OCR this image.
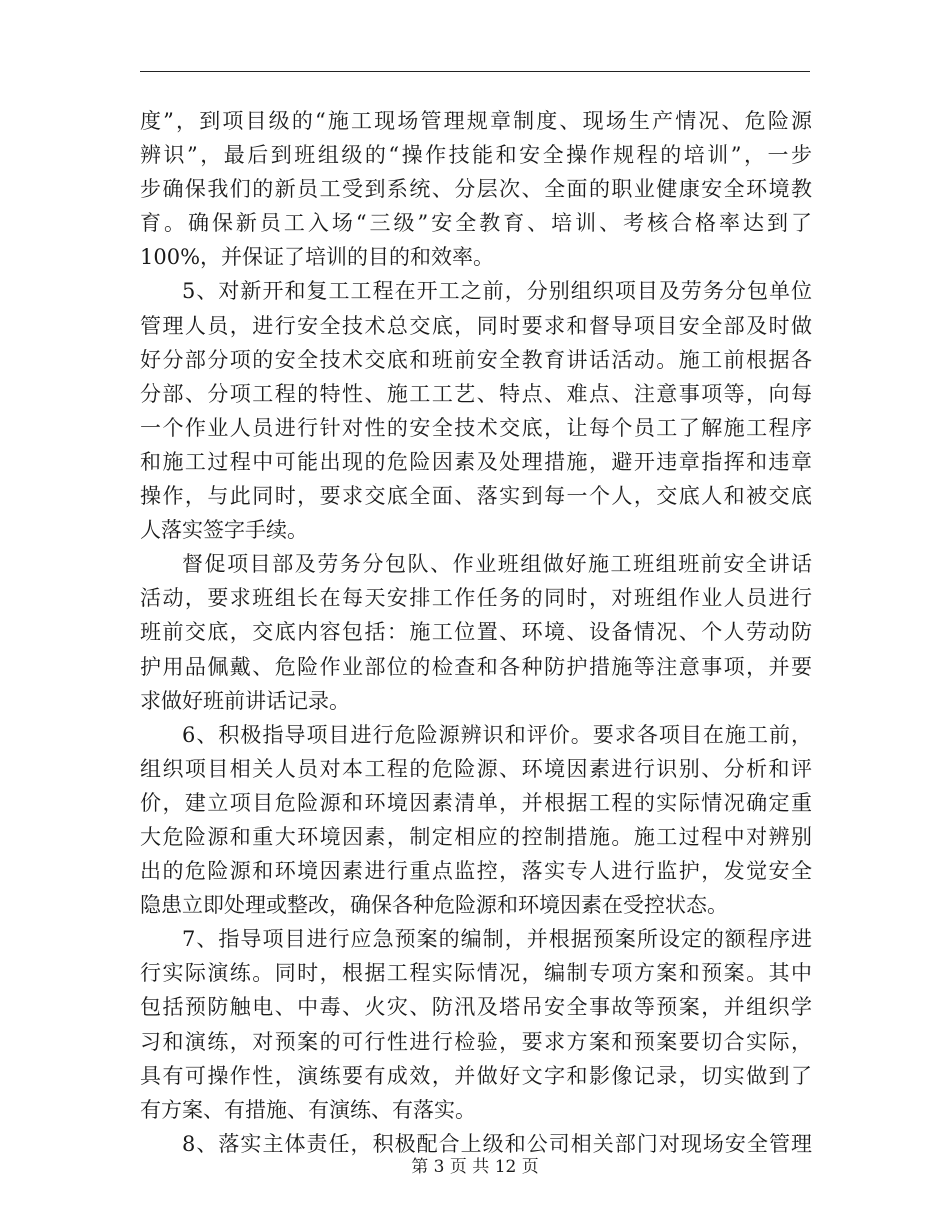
度”，到项目级的“施工现场管理规章制度、现场生产情况、危险源
辨识”，最后到班组级的“操作技能和安全操作规程的培训”，一步
步确保我们的新员工受到系统、分层次、全面的职业健康安全环境教
育。确保新员工入场“三级”安全教育、培训、考核合格率达到了
100%，并保证了培训的目的和效率。
5、对新开和复工工程在开工之前，分别组织项目及劳务分包单位
管理人员，进行安全技术总交底，同时要求和督导项目安全部及时做
好分部分项的安全技术交底和班前安全教育讲话活动。施工前根据各
分部、分项工程的特性、施工工艺、特点、难点、注意事项等，向每
一个作业人员进行针对性的安全技术交底，让每个员工了解施工程序
和施工过程中可能出现的危险因素及处理措施，避开违章指挥和违章
操作，与此同时，要求交底全面、落实到每一个人，交底人和被交底
人落实签字手续。
督促项目部及劳务分包队、作业班组做好施工班组班前安全讲话
活动，要求班组长在每天安排工作任务的同时，对班组作业人员进行
班前交底，交底内容包括：施工位置、环境、设备情况、个人劳动防
护用品佩戴、危险作业部位的检查和各种防护措施等注意事项，并要
求做好班前讲话记录。
6、积极指导项目进行危险源辨识和评价。要求各项目在施工前，
组织项目相关人员对本工程的危险源、环境因素进行识别、分析和评
价，建立项目危险源和环境因素清单，并根据工程的实际情况确定重
大危险源和重大环境因素，制定相应的控制措施。施工过程中对辨别
出的危险源和环境因素进行重点监控，落实专人进行监护，发觉安全
隐患立即处理或整改，确保各种危险源和环境因素在受控状态。
7、指导项目进行应急预案的编制，并根据预案所设定的额程序进
行实际演练。同时，根据工程实际情况，编制专项方案和预案。其中
包括预防触电、中毒、火灾、防汛及塔吊安全事故等预案，并组织学
习和演练，对预案的可行性进行检验，要求方案和预案要切合实际，
具有可操作性，演练要有成效，并做好文字和影像记录，切实做到了
有方案、有措施、有演练、有落实。
8、落实主体责任，积极配合上级和公司相关部门对现场安全管理
第 3 页 共 12 页
